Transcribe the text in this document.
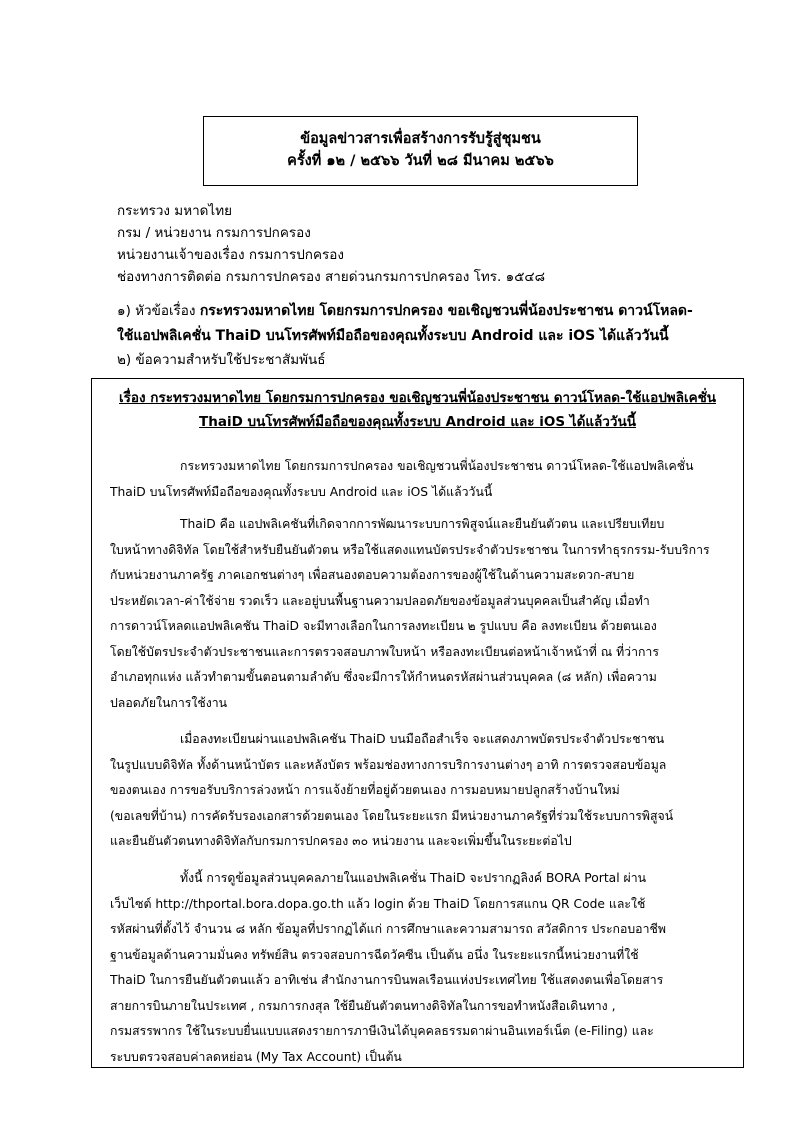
ข้อมูลข่าวสารเพื่อสร้างการรับรู้สู่ชุมชน
ครั้งที่ ๑๒ / ๒๕๖๖ วันที่ ๒๘ มีนาคม ๒๕๖๖
กระทรวง มหาดไทย
กรม / หน่วยงาน กรมการปกครอง
หน่วยงานเจ้าของเรื่อง กรมการปกครอง
ช่องทางการติดต่อ กรมการปกครอง สายด่วนกรมการปกครอง โทร. ๑๕๔๘
๑) หัวข้อเรื่อง กระทรวงมหาดไทย โดยกรมการปกครอง ขอเชิญชวนพี่น้องประชาชน ดาวน์โหลด-
ใช้แอปพลิเคชั่น ThaiD บนโทรศัพท์มือถือของคุณทั้งระบบ Android และ iOS ได้แล้ววันนี้
๒) ข้อความสำหรับใช้ประชาสัมพันธ์
เรื่อง กระทรวงมหาดไทย โดยกรมการปกครอง ขอเชิญชวนพี่น้องประชาชน ดาวน์โหลด-ใช้แอปพลิเคชั่น
ThaiD บนโทรศัพท์มือถือของคุณทั้งระบบ Android และ iOS ได้แล้ววันนี้
กระทรวงมหาดไทย โดยกรมการปกครอง ขอเชิญชวนพี่น้องประชาชน ดาวน์โหลด-ใช้แอปพลิเคชั่น
ThaiD บนโทรศัพท์มือถือของคุณทั้งระบบ Android และ iOS ได้แล้ววันนี้
ThaiD คือ แอปพลิเคชันที่เกิดจากการพัฒนาระบบการพิสูจน์และยืนยันตัวตน และเปรียบเทียบ
ใบหน้าทางดิจิทัล โดยใช้สำหรับยืนยันตัวตน หรือใช้แสดงแทนบัตรประจำตัวประชาชน ในการทำธุรกรรม-รับบริการ
กับหน่วยงานภาครัฐ ภาคเอกชนต่างๆ เพื่อสนองตอบความต้องการของผู้ใช้ในด้านความสะดวก-สบาย
ประหยัดเวลา-ค่าใช้จ่าย รวดเร็ว และอยู่บนพื้นฐานความปลอดภัยของข้อมูลส่วนบุคคลเป็นสำคัญ เมื่อทำ
การดาวน์โหลดแอปพลิเคชัน ThaiD จะมีทางเลือกในการลงทะเบียน ๒ รูปแบบ คือ ลงทะเบียน ด้วยตนเอง
โดยใช้บัตรประจำตัวประชาชนและการตรวจสอบภาพใบหน้า หรือลงทะเบียนต่อหน้าเจ้าหน้าที่ ณ ที่ว่าการ
อำเภอทุกแห่ง แล้วทำตามขั้นตอนตามลำดับ ซึ่งจะมีการให้กำหนดรหัสผ่านส่วนบุคคล (๘ หลัก) เพื่อความ
ปลอดภัยในการใช้งาน
เมื่อลงทะเบียนผ่านแอปพลิเคชัน ThaiD บนมือถือสำเร็จ จะแสดงภาพบัตรประจำตัวประชาชน
ในรูปแบบดิจิทัล ทั้งด้านหน้าบัตร และหลังบัตร พร้อมช่องทางการบริการงานต่างๆ อาทิ การตรวจสอบข้อมูล
ของตนเอง การขอรับบริการล่วงหน้า การแจ้งย้ายที่อยู่ด้วยตนเอง การมอบหมายปลูกสร้างบ้านใหม่
(ขอเลขที่บ้าน) การคัดรับรองเอกสารด้วยตนเอง โดยในระยะแรก มีหน่วยงานภาครัฐที่ร่วมใช้ระบบการพิสูจน์
และยืนยันตัวตนทางดิจิทัลกับกรมการปกครอง ๓๐ หน่วยงาน และจะเพิ่มขึ้นในระยะต่อไป
ทั้งนี้ การดูข้อมูลส่วนบุคคลภายในแอปพลิเคชั่น ThaiD จะปรากฏลิงค์ BORA Portal ผ่าน
เว็บไซต์ http://thportal.bora.dopa.go.th แล้ว login ด้วย ThaiD โดยการสแกน QR Code และใช้
รหัสผ่านที่ตั้งไว้ จำนวน ๘ หลัก ข้อมูลที่ปรากฏได้แก่ การศึกษาและความสามารถ สวัสดิการ ประกอบอาชีพ
ฐานข้อมูลด้านความมั่นคง ทรัพย์สิน ตรวจสอบการฉีดวัคซีน เป็นต้น อนึ่ง ในระยะแรกนี้หน่วยงานที่ใช้
ThaiD ในการยืนยันตัวตนแล้ว อาทิเช่น สำนักงานการบินพลเรือนแห่งประเทศไทย ใช้แสดงตนเพื่อโดยสาร
สายการบินภายในประเทศ , กรมการกงสุล ใช้ยืนยันตัวตนทางดิจิทัลในการขอทำหนังสือเดินทาง ,
กรมสรรพากร ใช้ในระบบยื่นแบบแสดงรายการภาษีเงินได้บุคคลธรรมดาผ่านอินเทอร์เน็ต (e-Filing) และ
ระบบตรวจสอบค่าลดหย่อน (My Tax Account) เป็นต้น
